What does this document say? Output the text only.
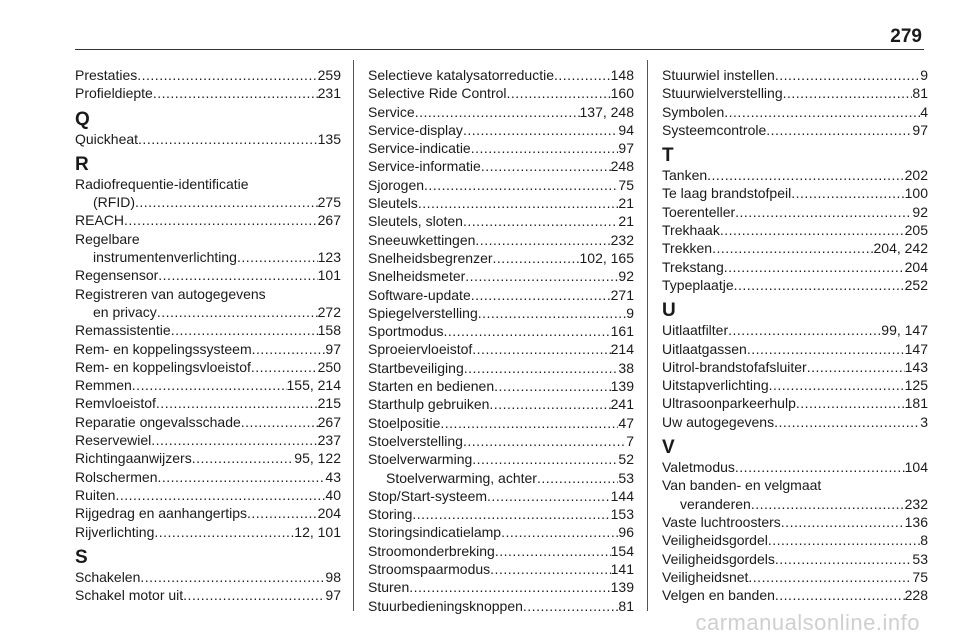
279
Prestaties .....	259
Profieldiepte .....	231
Q
Quickheat .....	135
R
Radiofrequentie-identificatie
(RFID) .....	275
REACH .....	267
Regelbare
instrumentenverlichting .....	123
Regensensor .....	101
Registreren van autogegevens
en privacy .....	272
Remassistentie .....	158
Rem- en koppelingssysteem .....	97
Rem- en koppelingsvloeistof .....	250
Remmen .....	155, 214
Remvloeistof .....	215
Reparatie ongevalsschade .....	267
Reservewiel .....	237
Richtingaanwijzers .....	95, 122
Rolschermen .....	43
Ruiten .....	40
Rijgedrag en aanhangertips .....	204
Rijverlichting .....	12, 101
S
Schakelen .....	98
Schakel motor uit .....	97
Selectieve katalysatorreductie .....	148
Selective Ride Control .....	160
Service .....	137, 248
Service-display .....	94
Service-indicatie .....	97
Service-informatie .....	248
Sjorogen .....	75
Sleutels .....	21
Sleutels, sloten .....	21
Sneeuwkettingen .....	232
Snelheidsbegrenzer .....	102, 165
Snelheidsmeter .....	92
Software-update .....	271
Spiegelverstelling .....	9
Sportmodus .....	161
Sproeiervloeistof .....	214
Startbeveiliging .....	38
Starten en bedienen .....	139
Starthulp gebruiken .....	241
Stoelpositie .....	47
Stoelverstelling .....	7
Stoelverwarming .....	52
Stoelverwarming, achter .....	53
Stop/Start-systeem .....	144
Storing .....	153
Storingsindicatielamp .....	96
Stroomonderbreking .....	154
Stroomspaarmodus .....	141
Sturen .....	139
Stuurbedieningsknoppen .....	81
Stuurwiel instellen .....	9
Stuurwielverstelling .....	81
Symbolen .....	4
Systeemcontrole .....	97
T
Tanken .....	202
Te laag brandstofpeil .....	100
Toerenteller .....	92
Trekhaak .....	205
Trekken .....	204, 242
Trekstang .....	204
Typeplaatje .....	252
U
Uitlaatfilter .....	99, 147
Uitlaatgassen .....	147
Uitrol-brandstofafsluiter .....	143
Uitstapverlichting .....	125
Ultrasoonparkeerhulp .....	181
Uw autogegevens .....	3
V
Valetmodus .....	104
Van banden- en velgmaat
veranderen .....	232
Vaste luchtroosters .....	136
Veiligheidsgordel .....	8
Veiligheidsgordels .....	53
Veiligheidsnet .....	75
Velgen en banden .....	228
carmanualsonline.info
